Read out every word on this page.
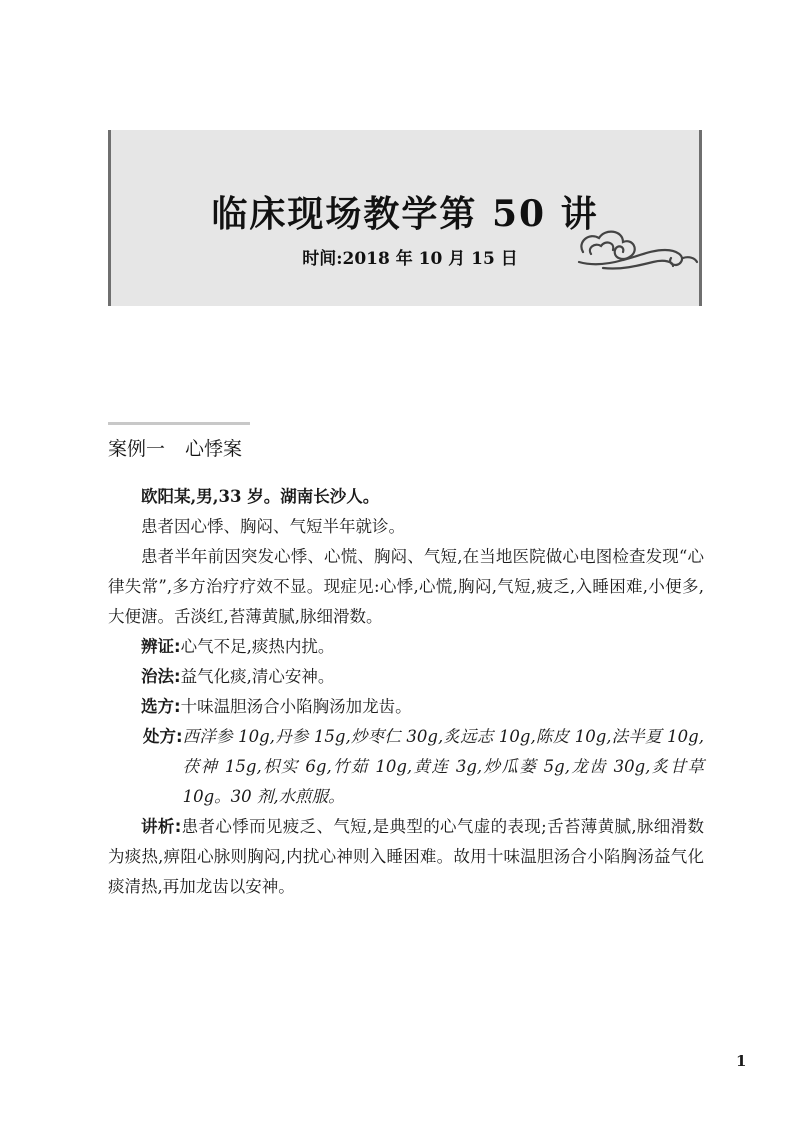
临床现场教学第 50 讲
时间:2018 年 10 月 15 日
案例一 心悸案

欧阳某,男,33 岁。湖南长沙人。

患者因心悸、胸闷、气短半年就诊。

患者半年前因突发心悸、心慌、胸闷、气短,在当地医院做心电图检查发现“心律失常”,多方治疗疗效不显。现症见:心悸,心慌,胸闷,气短,疲乏,入睡困难,小便多,大便溏。舌淡红,苔薄黄腻,脉细滑数。

辨证:心气不足,痰热内扰。

治法:益气化痰,清心安神。

选方:十味温胆汤合小陷胸汤加龙齿。

处方: 西洋参 10g,丹参 15g,炒枣仁 30g,炙远志 10g,陈皮 10g,法半夏 10g,茯神 15g,枳实 6g,竹茹 10g,黄连 3g,炒瓜蒌 5g,龙齿 30g,炙甘草 10g。30 剂,水煎服。

讲析:患者心悸而见疲乏、气短,是典型的心气虚的表现;舌苔薄黄腻,脉细滑数为痰热,痹阻心脉则胸闷,内扰心神则入睡困难。故用十味温胆汤合小陷胸汤益气化痰清热,再加龙齿以安神。

1
